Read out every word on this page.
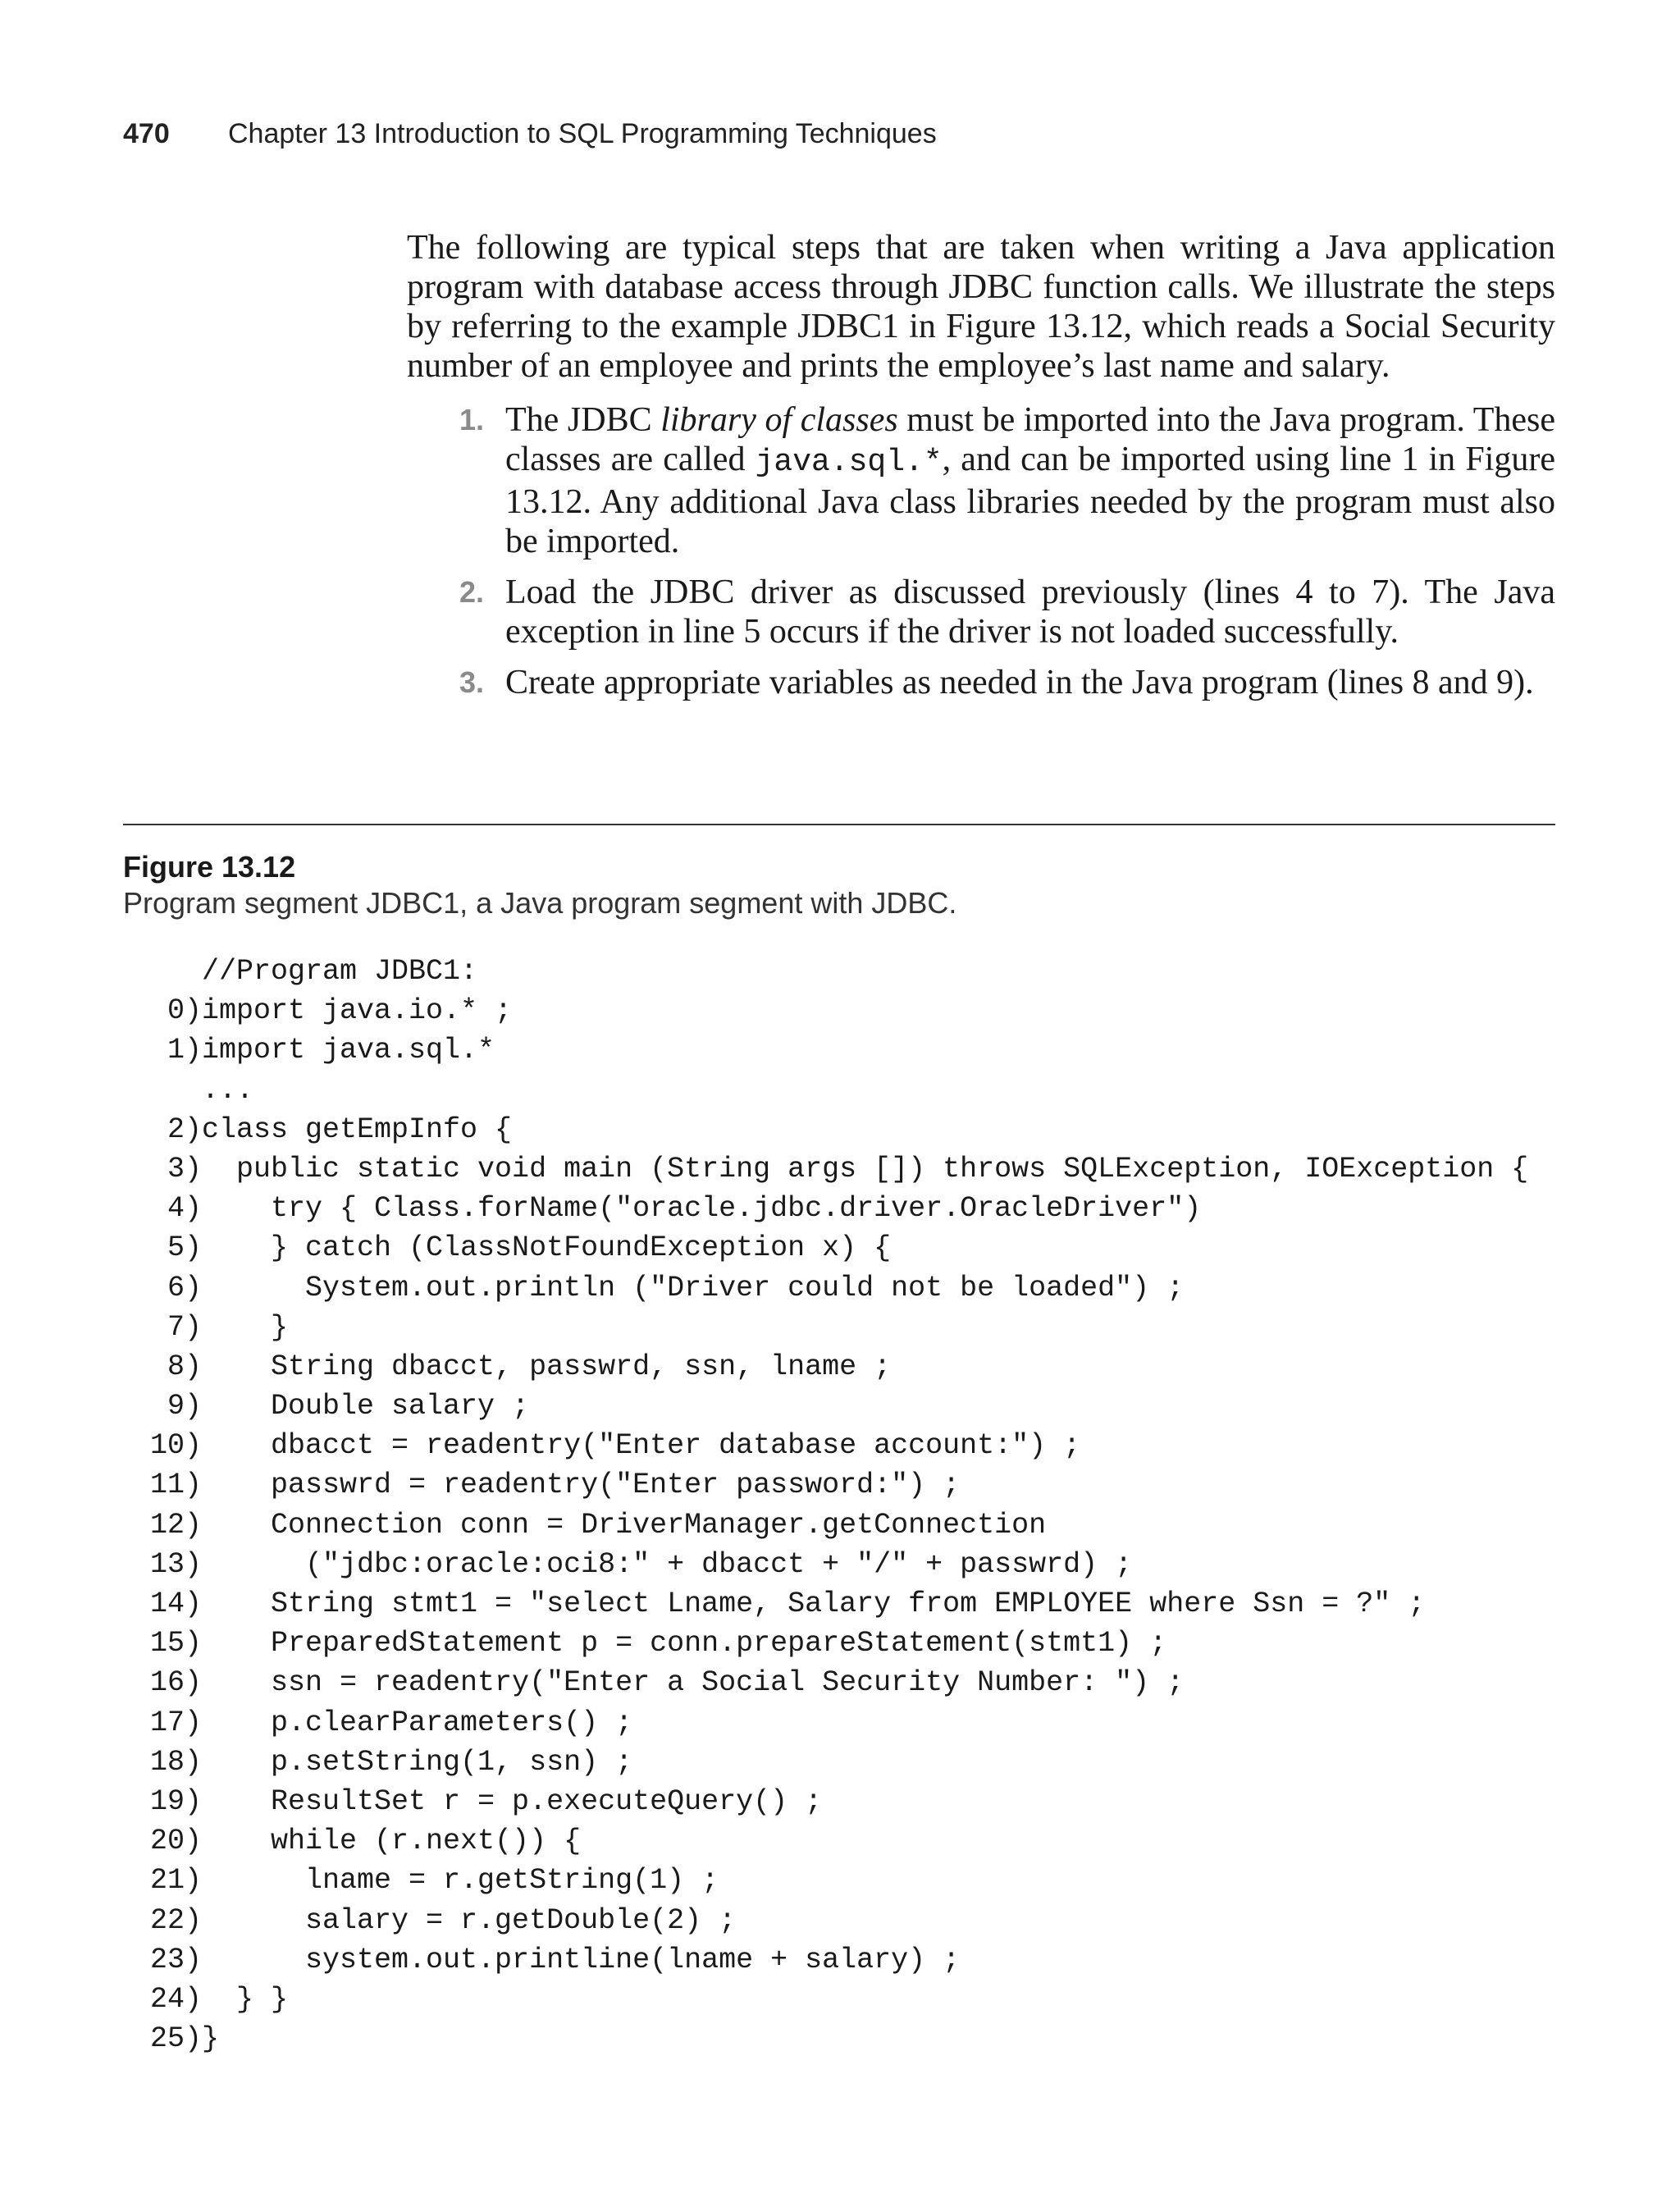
470 Chapter 13 Introduction to SQL Programming Techniques

The following are typical steps that are taken when writing a Java application program with database access through JDBC function calls. We illustrate the steps by referring to the example JDBC1 in Figure 13.12, which reads a Social Security number of an employee and prints the employee’s last name and salary.

1 . The JDBC library of classes must be imported into the Java program. These classes are called java.sql.*, and can be imported using line 1 in Figure 13.12. Any additional Java class libraries needed by the program must also be imported.
2 . Load the JDBC driver as discussed previously (lines 4 to 7). The Java exception in line 5 occurs if the driver is not loaded successfully.
3 . Create appropriate variables as needed in the Java program (lines 8 and 9).
Figure 13.12
Program segment JDBC1, a Java program segment with JDBC.
//Program JDBC1:
0) import java.io.* ;
1) import java.sql.*
...
2) class getEmpInfo {
3) public static void main (String args []) throws SQLException, IOException {
4) try { Class.forName("oracle.jdbc.driver.OracleDriver")
5) } catch (ClassNotFoundException x) {
6) System.out.println ("Driver could not be loaded") ;
7) }
8) String dbacct, passwrd, ssn, lname ;
9) Double salary ;
10) dbacct = readentry("Enter database account:") ;
11) passwrd = readentry("Enter password:") ;
12) Connection conn = DriverManager.getConnection
13) ("jdbc:oracle:oci8:" + dbacct + "/" + passwrd) ;
14) String stmt1 = "select Lname, Salary from EMPLOYEE where Ssn = ?" ;
15) PreparedStatement p = conn.prepareStatement(stmt1) ;
16) ssn = readentry("Enter a Social Security Number: ") ;
17) p.clearParameters() ;
18) p.setString(1, ssn) ;
19) ResultSet r = p.executeQuery() ;
20) while (r.next()) {
21) lname = r.getString(1) ;
22) salary = r.getDouble(2) ;
23) system.out.printline(lname + salary) ;
24) } }
25) }
